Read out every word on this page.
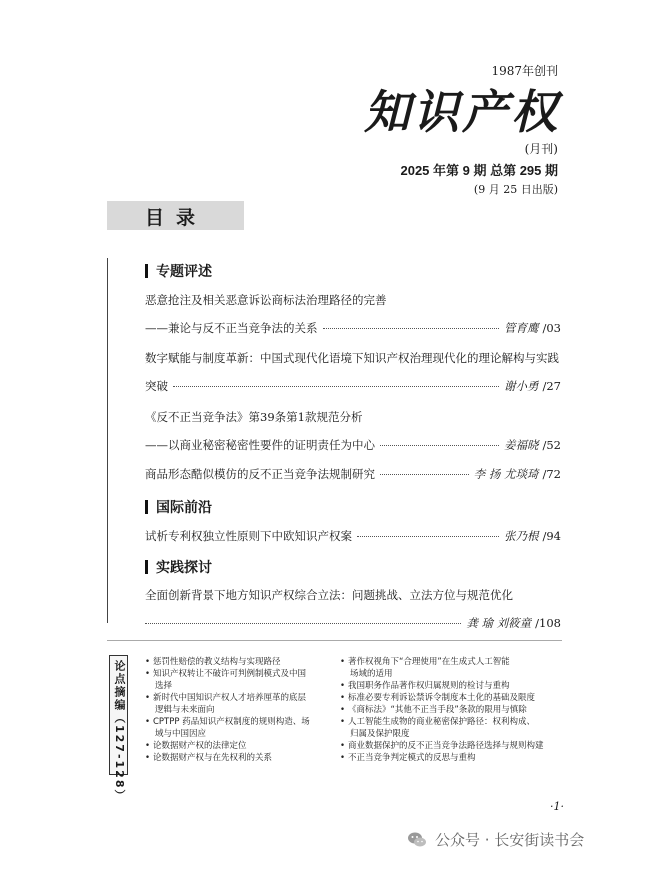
1987年创刊
知识产权
(月刊)
2025 年第 9 期 总第 295 期
(9 月 25 日出版)
目录
专题评述
恶意抢注及相关恶意诉讼商标法治理路径的完善
——兼论与反不正当竞争法的关系	管育鹰 /03
数字赋能与制度革新：中国式现代化语境下知识产权治理现代化的理论解构与实践
突破	谢小勇 /27
《反不正当竞争法》第39条第1款规范分析
——以商业秘密秘密性要件的证明责任为中心	姜福晓 /52
商品形态酷似模仿的反不正当竞争法规制研究	李 扬 尤琰琦 /72
国际前沿
试析专利权独立性原则下中欧知识产权案	张乃根 /94
实践探讨
全面创新背景下地方知识产权综合立法：问题挑战、立法方位与规范优化
龚 瑜 刘筱童 /108
论点摘编（127-128） • 惩罚性赔偿的教义结构与实现路径
• 知识产权转让不破许可判例制模式及中国
选择
• 新时代中国知识产权人才培养厘革的底层
逻辑与未来面向
• CPTPP 药品知识产权制度的规则构造、场
域与中国因应
• 论数据财产权的法律定位
• 论数据财产权与在先权利的关系
• 著作权视角下“合理使用”在生成式人工智能
场域的适用
• 我国职务作品著作权归属规则的检讨与重构
• 标准必要专利诉讼禁诉令制度本土化的基础及限度
• 《商标法》“其他不正当手段”条款的限用与慎除
• 人工智能生成物的商业秘密保护路径：权利构成、
归属及保护限度
• 商业数据保护的反不正当竞争法路径选择与规则构建
• 不正当竞争判定模式的反思与重构
·1·
公众号 · 长安街读书会
